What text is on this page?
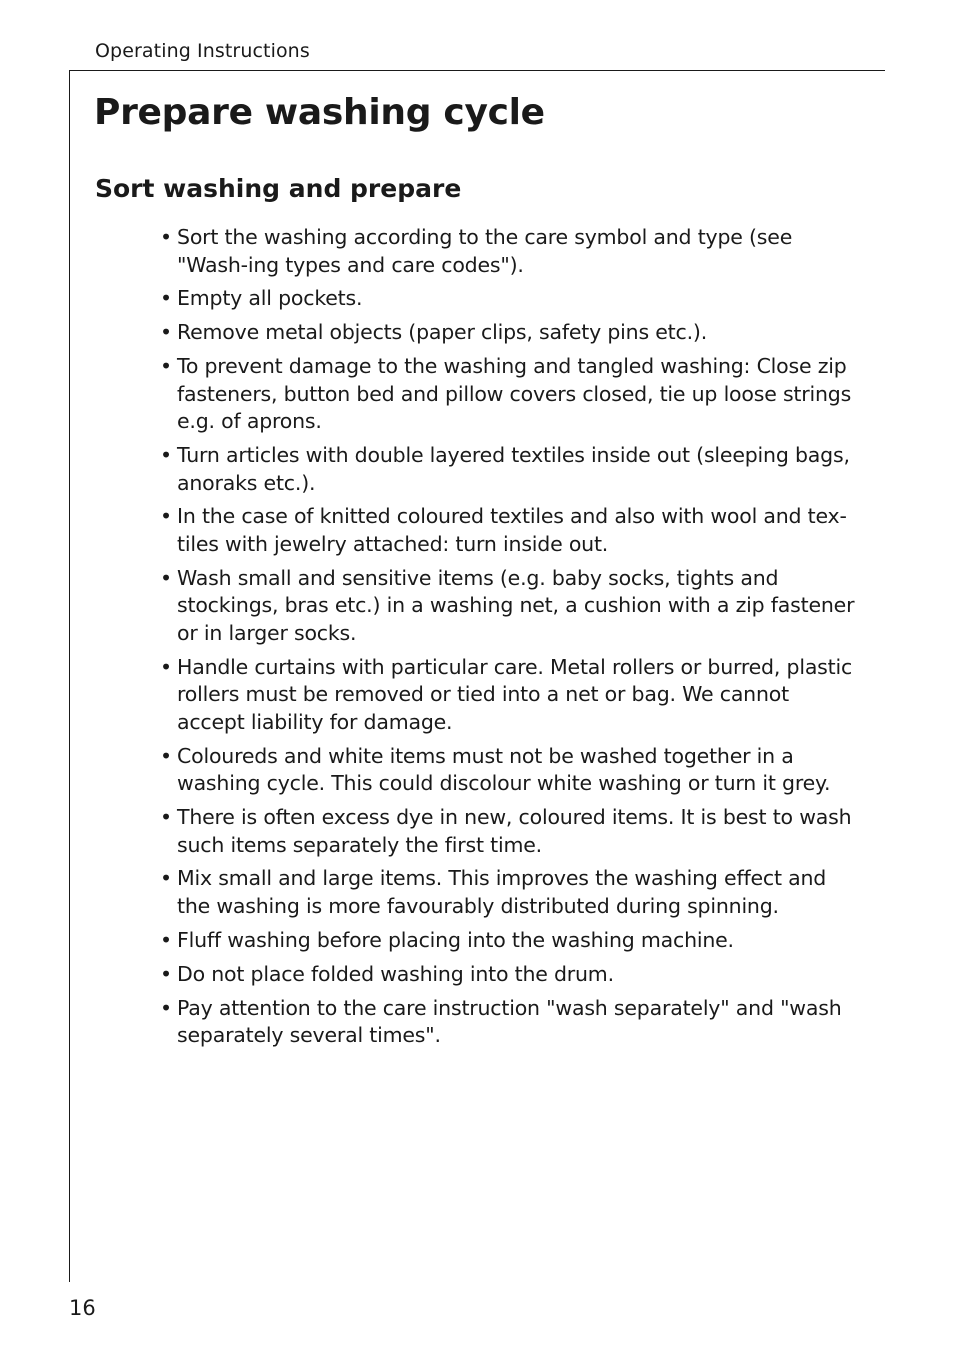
Operating Instructions
Prepare washing cycle
Sort washing and prepare
• Sort the washing according to the care symbol and type (see "Wash-ing types and care codes").
• Empty all pockets.
• Remove metal objects (paper clips, safety pins etc.).
• To prevent damage to the washing and tangled washing: Close zip fasteners, button bed and pillow covers closed, tie up loose strings e.g. of aprons.
• Turn articles with double layered textiles inside out (sleeping bags, anoraks etc.).
• In the case of knitted coloured textiles and also with wool and tex-tiles with jewelry attached: turn inside out.
• Wash small and sensitive items (e.g. baby socks, tights and stockings, bras etc.) in a washing net, a cushion with a zip fastener or in larger socks.
• Handle curtains with particular care. Metal rollers or burred, plastic rollers must be removed or tied into a net or bag. We cannot accept liability for damage.
• Coloureds and white items must not be washed together in a washing cycle. This could discolour white washing or turn it grey.
• There is often excess dye in new, coloured items. It is best to wash such items separately the first time.
• Mix small and large items. This improves the washing effect and the washing is more favourably distributed during spinning.
• Fluff washing before placing into the washing machine.
• Do not place folded washing into the drum.
• Pay attention to the care instruction "wash separately" and "wash separately several times".
16
